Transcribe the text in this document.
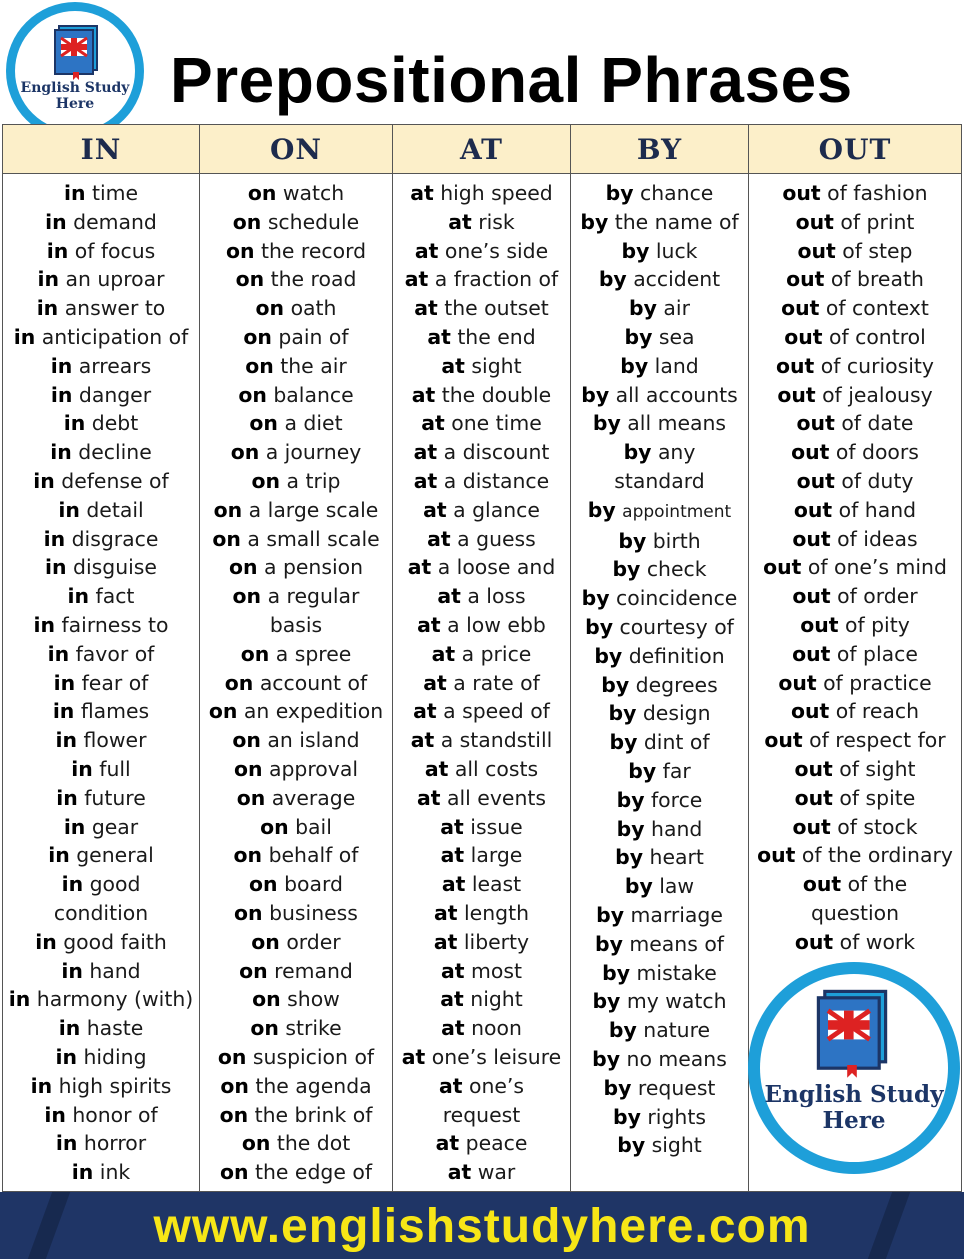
English Study
Here	Prepositional Phrases
IN
in time
in demand
in of focus
in an uproar
in answer to
in anticipation of
in arrears
in danger
in debt
in decline
in defense of
in detail
in disgrace
in disguise
in fact
in fairness to
in favor of
in fear of
in flames
in flower
in full
in future
in gear
in general
in good
condition
in good faith
in hand
in harmony (with)
in haste
in hiding
in high spirits
in honor of
in horror
in ink
ON
on watch
on schedule
on the record
on the road
on oath
on pain of
on the air
on balance
on a diet
on a journey
on a trip
on a large scale
on a small scale
on a pension
on a regular
basis
on a spree
on account of
on an expedition
on an island
on approval
on average
on bail
on behalf of
on board
on business
on order
on remand
on show
on strike
on suspicion of
on the agenda
on the brink of
on the dot
on the edge of
AT
at high speed
at risk
at one’s side
at a fraction of
at the outset
at the end
at sight
at the double
at one time
at a discount
at a distance
at a glance
at a guess
at a loose and
at a loss
at a low ebb
at a price
at a rate of
at a speed of
at a standstill
at all costs
at all events
at issue
at large
at least
at length
at liberty
at most
at night
at noon
at one’s leisure
at one’s
request
at peace
at war
BY
by chance
by the name of
by luck
by accident
by air
by sea
by land
by all accounts
by all means
by any
standard
by appointment
by birth
by check
by coincidence
by courtesy of
by definition
by degrees
by design
by dint of
by far
by force
by hand
by heart
by law
by marriage
by means of
by mistake
by my watch
by nature
by no means
by request
by rights
by sight
OUT
out of fashion
out of print
out of step
out of breath
out of context
out of control
out of curiosity
out of jealousy
out of date
out of doors
out of duty
out of hand
out of ideas
out of one’s mind
out of order
out of pity
out of place
out of practice
out of reach
out of respect for
out of sight
out of spite
out of stock
out of the ordinary
out of the
question
out of work
English Study
Here
www.englishstudyhere.com
